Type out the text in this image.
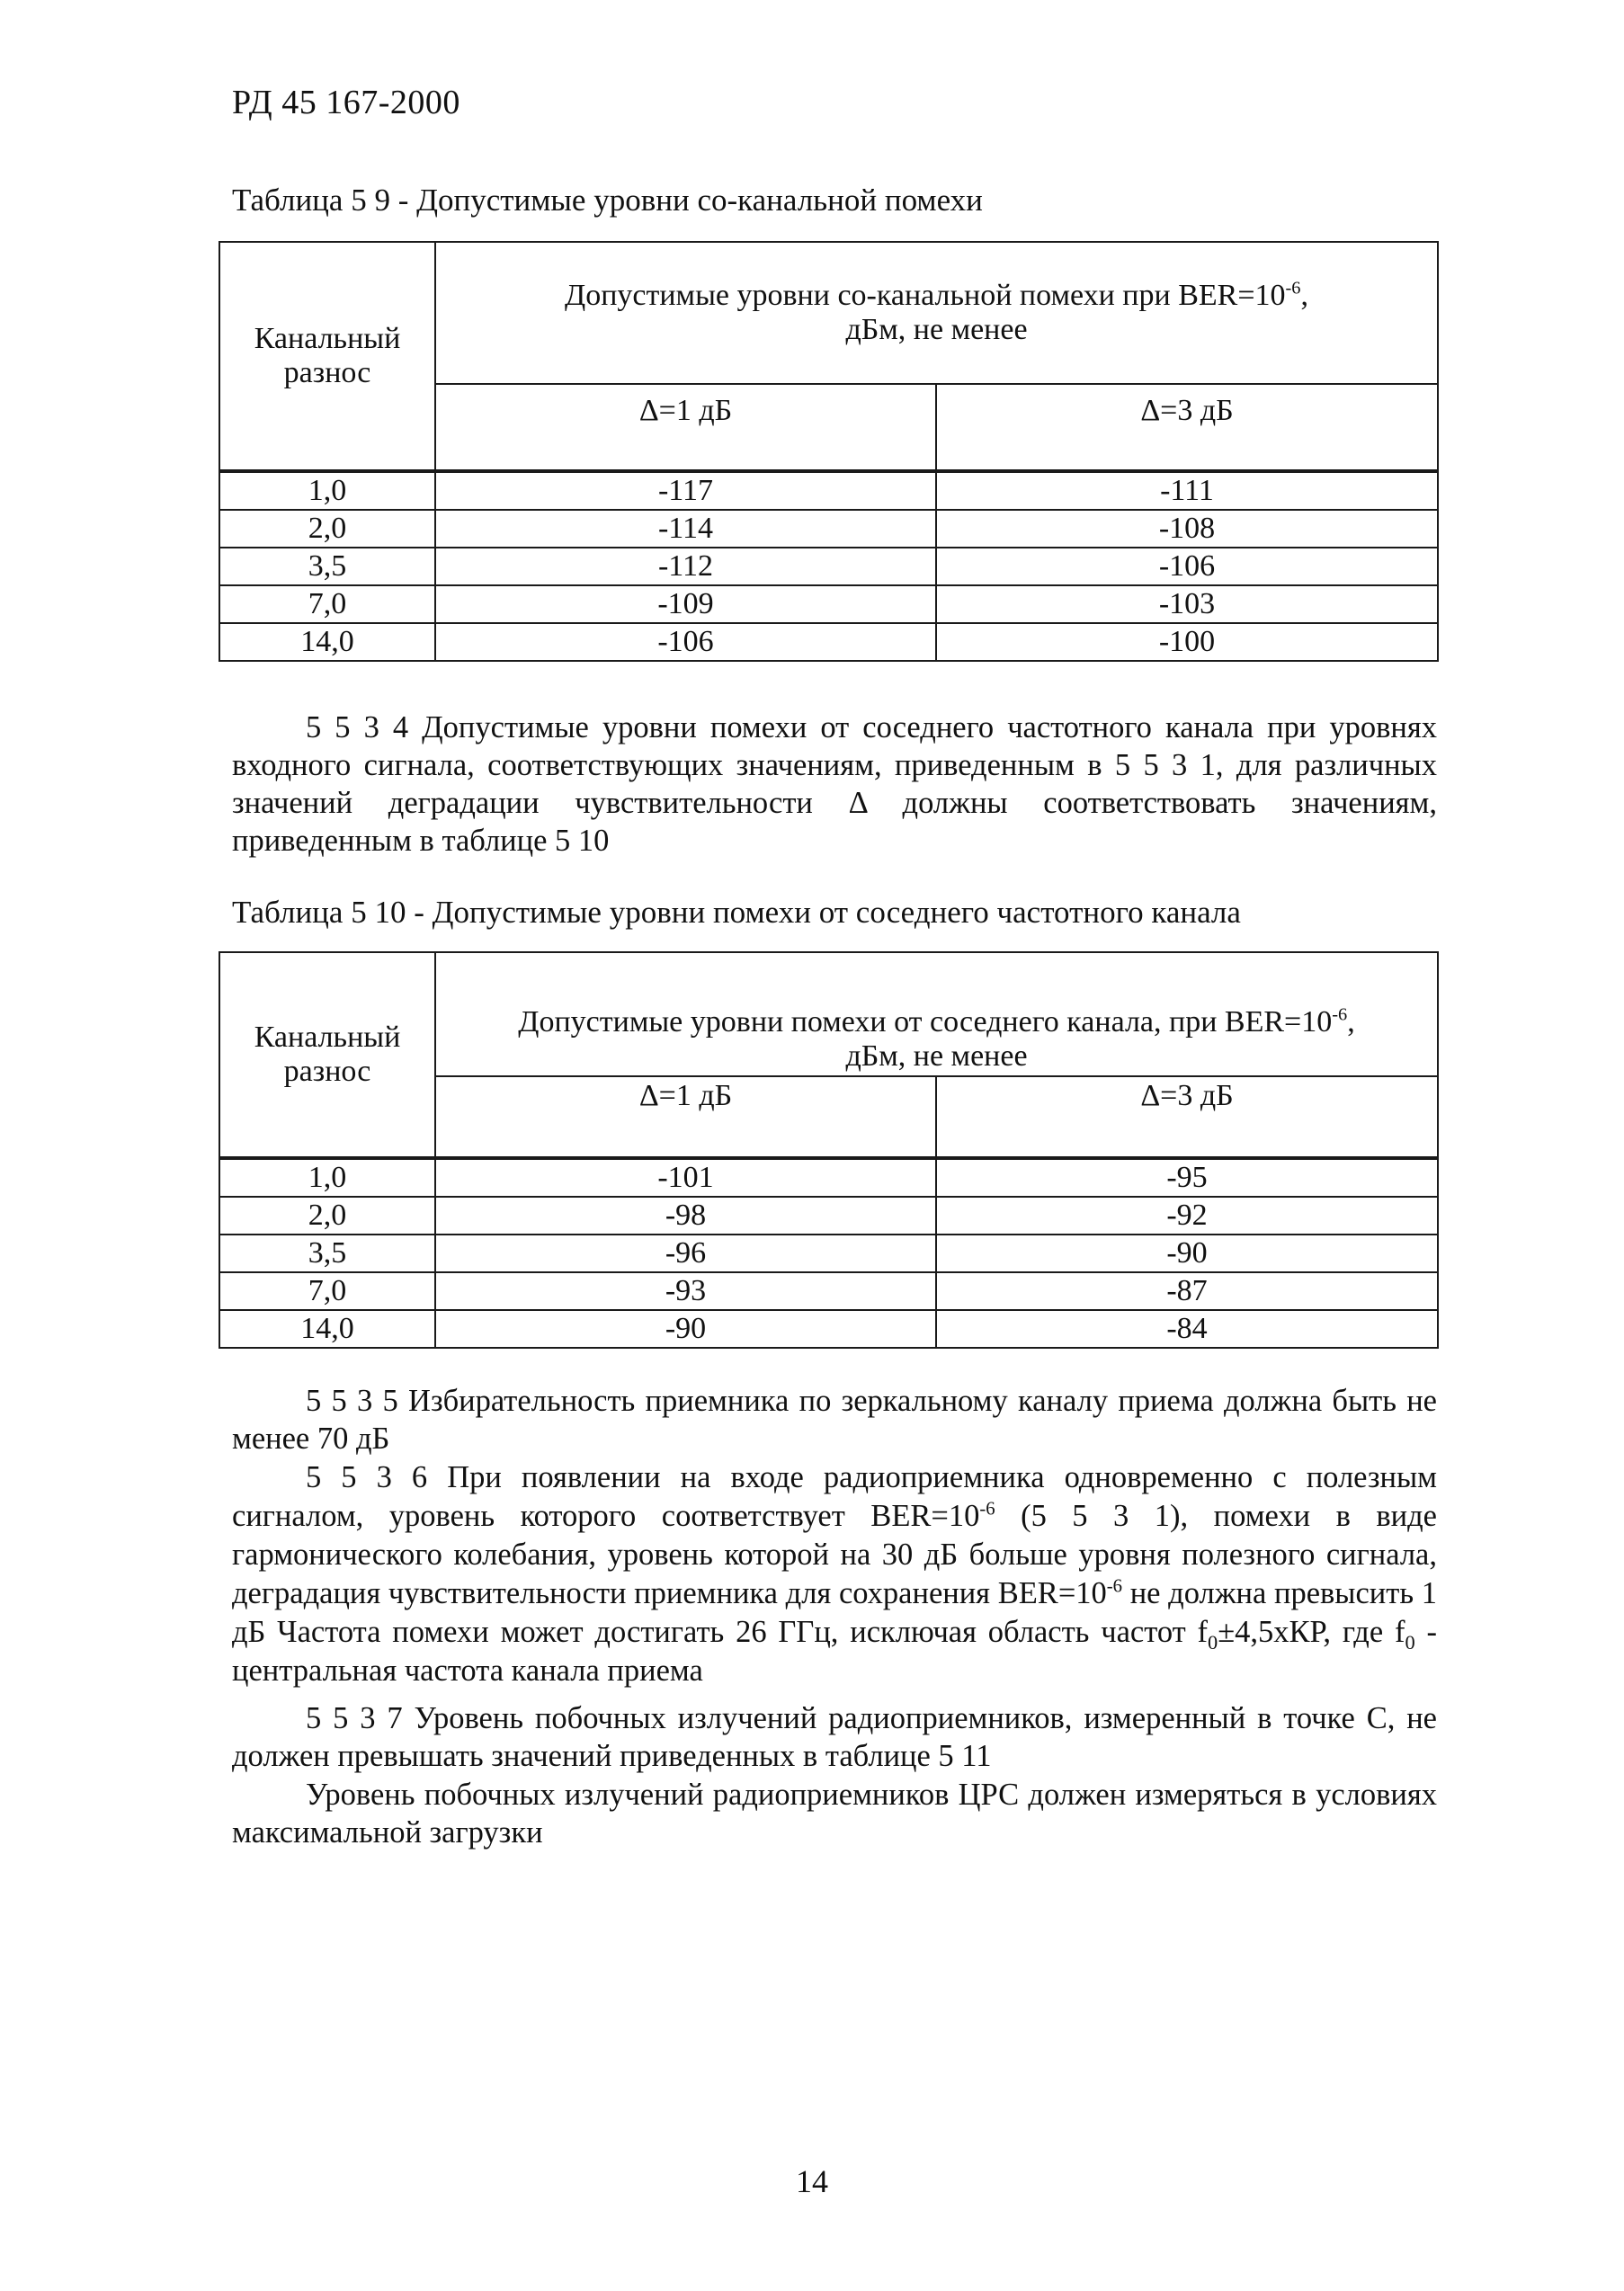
РД 45 167-2000
Таблица 5 9 - Допустимые уровни со-канальной помехи
Канальный разнос	Допустимые уровни со-канальной помехи при $BER=10^{-6}$,
дБм, не менее	
	Δ=1 дБ	Δ=3 дБ
1,0	-117	-111
2,0	-114	-108
3,5	-112	-106
7,0	-109	-103
14,0	-106	-100
5 5 3 4 Допустимые уровни помехи от соседнего частотного канала при уровнях входного сигнала, соответствующих значениям, приведенным в 5 5 3 1, для различных значений деградации чувствительности Δ должны соответствовать значениям, приведенным в таблице 5 10
Таблица 5 10 - Допустимые уровни помехи от соседнего частотного канала
Канальный разнос	Допустимые уровни помехи от соседнего канала, при $BER=10^{-6}$,
дБм, не менее	
	Δ=1 дБ	Δ=3 дБ
1,0	-101	-95
2,0	-98	-92
3,5	-96	-90
7,0	-93	-87
14,0	-90	-84
5 5 3 5 Избирательность приемника по зеркальному каналу приема должна быть не менее 70 дБ
5 5 3 6 При появлении на входе радиоприемника одновременно с полезным сигналом, уровень которого соответствует $BER=10^{-6}$ (5 5 3 1), помехи в виде гармонического колебания, уровень которой на 30 дБ больше уровня полезного сигнала, деградация чувствительности приемника для сохранения $BER=10^{-6}$ не должна превысить 1 дБ Частота помехи может достигать 26 ГГц, исключая область частот $f_0\pm 4,5хКР$, где $f_0$ - центральная частота канала приема
5 5 3 7 Уровень побочных излучений радиоприемников, измеренный в точке С, не должен превышать значений приведенных в таблице 5 11
Уровень побочных излучений радиоприемников ЦРС должен измеряться в условиях максимальной загрузки
14
